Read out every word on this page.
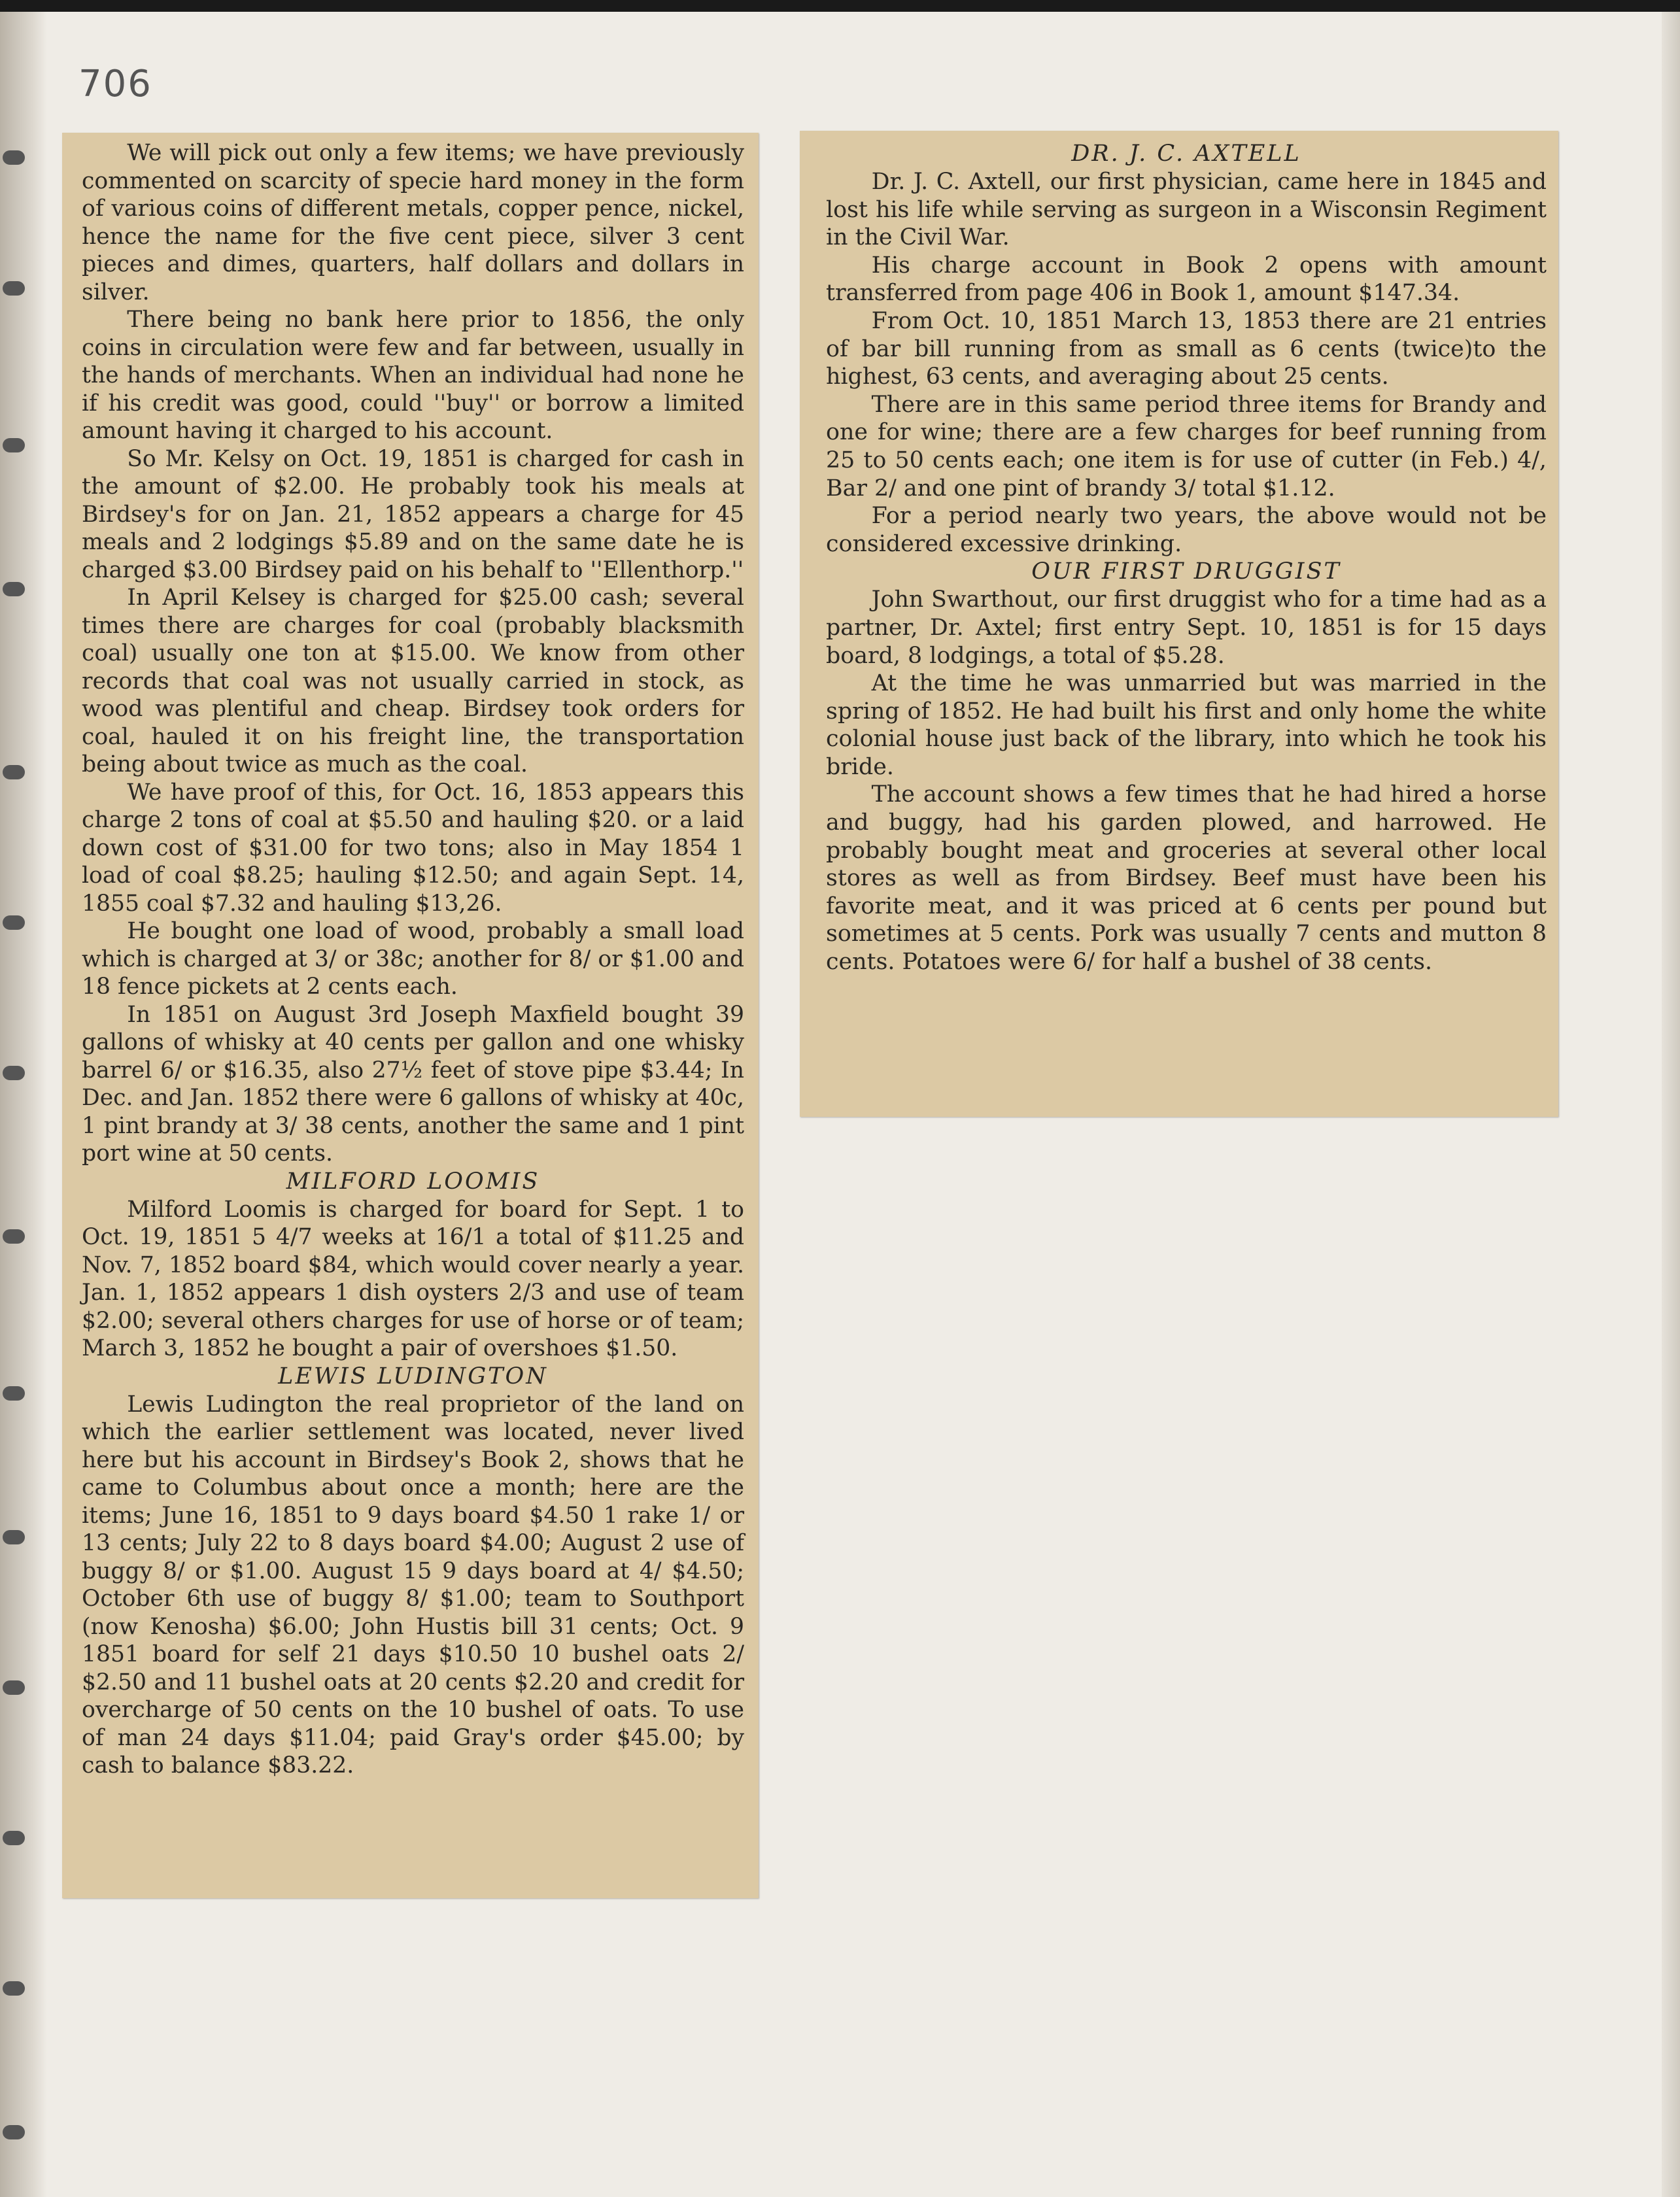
706

We will pick out only a few items; we have previously commented on scarcity of specie hard money in the form of various coins of different metals, copper pence, nickel, hence the name for the five cent piece, silver 3 cent pieces and dimes, quarters, half dollars and dollars in silver.

There being no bank here prior to 1856, the only coins in circulation were few and far between, usually in the hands of merchants. When an individual had none he if his credit was good, could ''buy'' or borrow a limited amount having it charged to his account.

So Mr. Kelsy on Oct. 19, 1851 is charged for cash in the amount of $2.00. He probably took his meals at Birdsey's for on Jan. 21, 1852 appears a charge for 45 meals and 2 lodgings $5.89 and on the same date he is charged $3.00 Birdsey paid on his behalf to ''Ellenthorp.''

In April Kelsey is charged for $25.00 cash; several times there are charges for coal (probably blacksmith coal) usually one ton at $15.00. We know from other records that coal was not usually carried in stock, as wood was plentiful and cheap. Birdsey took orders for coal, hauled it on his freight line, the transportation being about twice as much as the coal.

We have proof of this, for Oct. 16, 1853 appears this charge 2 tons of coal at $5.50 and hauling $20. or a laid down cost of $31.00 for two tons; also in May 1854 1 load of coal $8.25; hauling $12.50; and again Sept. 14, 1855 coal $7.32 and hauling $13,26.

He bought one load of wood, probably a small load which is charged at 3/ or 38c; another for 8/ or $1.00 and 18 fence pickets at 2 cents each.

In 1851 on August 3rd Joseph Maxfield bought 39 gallons of whisky at 40 cents per gallon and one whisky barrel 6/ or $16.35, also 27½ feet of stove pipe $3.44; In Dec. and Jan. 1852 there were 6 gallons of whisky at 40c, 1 pint brandy at 3/ 38 cents, another the same and 1 pint port wine at 50 cents.

MILFORD LOOMIS

Milford Loomis is charged for board for Sept. 1 to Oct. 19, 1851 5 4/7 weeks at 16/1 a total of $11.25 and Nov. 7, 1852 board $84, which would cover nearly a year. Jan. 1, 1852 appears 1 dish oysters 2/3 and use of team $2.00; several others charges for use of horse or of team; March 3, 1852 he bought a pair of overshoes $1.50.

LEWIS LUDINGTON

Lewis Ludington the real proprietor of the land on which the earlier settlement was located, never lived here but his account in Birdsey's Book 2, shows that he came to Columbus about once a month; here are the items; June 16, 1851 to 9 days board $4.50 1 rake 1/ or 13 cents; July 22 to 8 days board $4.00; August 2 use of buggy 8/ or $1.00. August 15 9 days board at 4/ $4.50; October 6th use of buggy 8/ $1.00; team to Southport (now Kenosha) $6.00; John Hustis bill 31 cents; Oct. 9 1851 board for self 21 days $10.50 10 bushel oats 2/ $2.50 and 11 bushel oats at 20 cents $2.20 and credit for overcharge of 50 cents on the 10 bushel of oats. To use of man 24 days $11.04; paid Gray's order $45.00; by cash to balance $83.22.

DR. J. C. AXTELL

Dr. J. C. Axtell, our first physician, came here in 1845 and lost his life while serving as surgeon in a Wisconsin Regiment in the Civil War.

His charge account in Book 2 opens with amount transferred from page 406 in Book 1, amount $147.34.

From Oct. 10, 1851 March 13, 1853 there are 21 entries of bar bill running from as small as 6 cents (twice)to the highest, 63 cents, and averaging about 25 cents.

There are in this same period three items for Brandy and one for wine; there are a few charges for beef running from 25 to 50 cents each; one item is for use of cutter (in Feb.) 4/, Bar 2/ and one pint of brandy 3/ total $1.12.

For a period nearly two years, the above would not be considered excessive drinking.

OUR FIRST DRUGGIST

John Swarthout, our first druggist who for a time had as a partner, Dr. Axtel; first entry Sept. 10, 1851 is for 15 days board, 8 lodgings, a total of $5.28.

At the time he was unmarried but was married in the spring of 1852. He had built his first and only home the white colonial house just back of the library, into which he took his bride.

The account shows a few times that he had hired a horse and buggy, had his garden plowed, and harrowed. He probably bought meat and groceries at several other local stores as well as from Birdsey. Beef must have been his favorite meat, and it was priced at 6 cents per pound but sometimes at 5 cents. Pork was usually 7 cents and mutton 8 cents. Potatoes were 6/ for half a bushel of 38 cents.
